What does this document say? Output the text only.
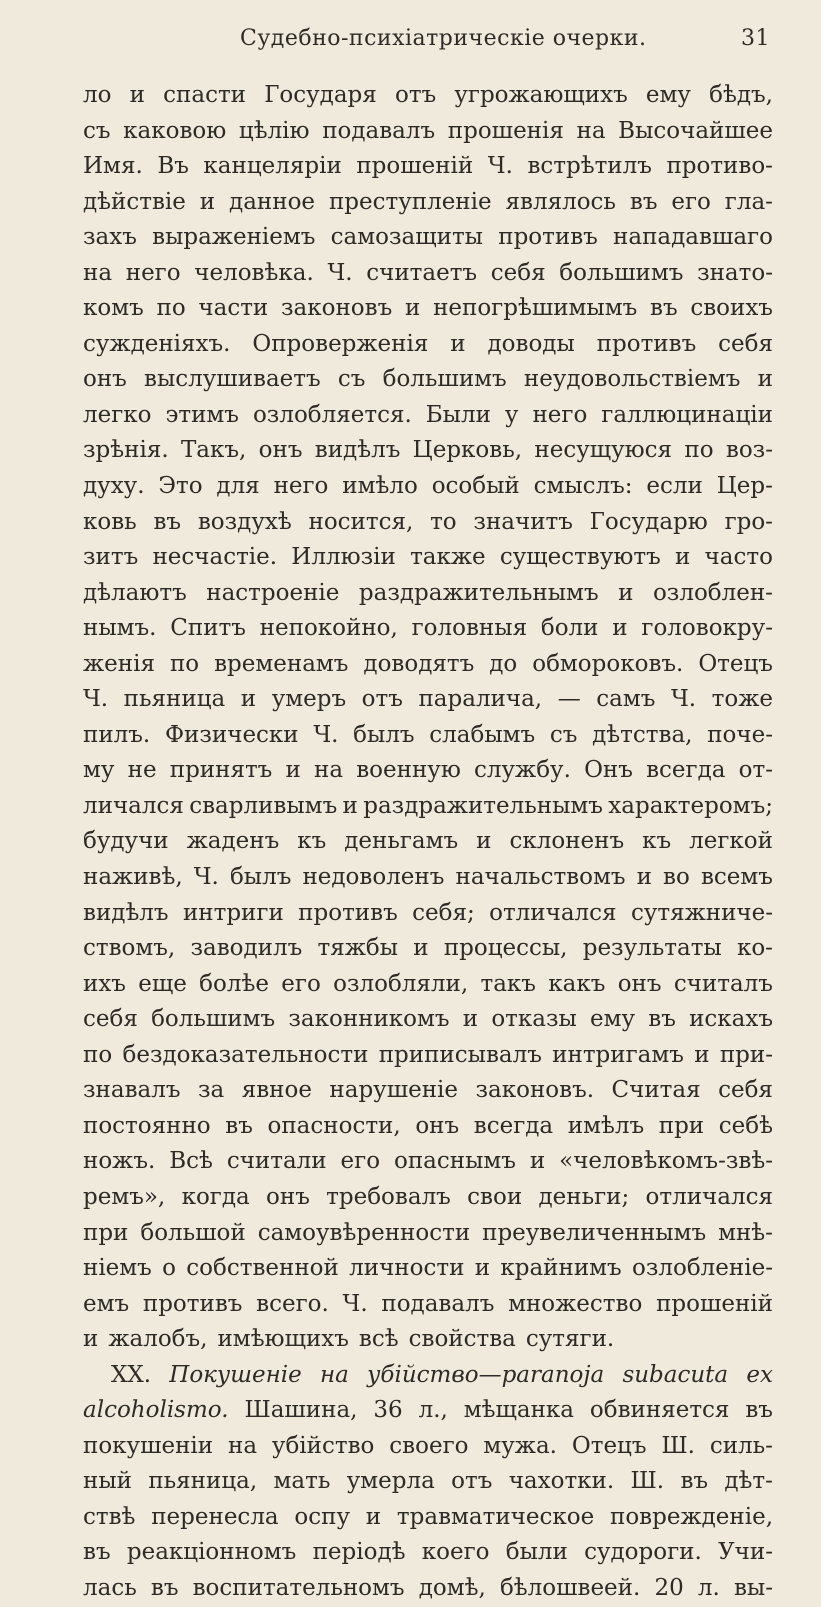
Судебно-психіатрическіе очерки.	31
ло и спасти Государя отъ угрожающихъ ему бѣдъ,
съ каковою цѣлію подавалъ прошенія на Высочайшее
Имя. Въ канцеляріи прошеній Ч. встрѣтилъ противо-
дѣйствіе и данное преступленіе являлось въ его гла-
захъ выраженіемъ самозащиты противъ нападавшаго
на него человѣка. Ч. считаетъ себя большимъ знато-
комъ по части законовъ и непогрѣшимымъ въ своихъ
сужденіяхъ. Опроверженія и доводы противъ себя
онъ выслушиваетъ съ большимъ неудовольствіемъ и
легко этимъ озлобляется. Были у него галлюцинаціи
зрѣнія. Такъ, онъ видѣлъ Церковь, несущуюся по воз-
духу. Это для него имѣло особый смыслъ: если Цер-
ковь въ воздухѣ носится, то значитъ Государю гро-
зитъ несчастіе. Иллюзіи также существуютъ и часто
дѣлаютъ настроеніе раздражительнымъ и озлоблен-
нымъ. Спитъ непокойно, головныя боли и головокру-
женія по временамъ доводятъ до обмороковъ. Отецъ
Ч. пьяница и умеръ отъ паралича, — самъ Ч. тоже
пилъ. Физически Ч. былъ слабымъ съ дѣтства, поче-
му не принятъ и на военную службу. Онъ всегда от-
личался сварливымъ и раздражительнымъ характеромъ;
будучи жаденъ къ деньгамъ и склоненъ къ легкой
наживѣ, Ч. былъ недоволенъ начальствомъ и во всемъ
видѣлъ интриги противъ себя; отличался сутяжниче-
ствомъ, заводилъ тяжбы и процессы, результаты ко-
ихъ еще болѣе его озлобляли, такъ какъ онъ считалъ
себя большимъ законникомъ и отказы ему въ искахъ
по бездоказательности приписывалъ интригамъ и при-
знавалъ за явное нарушеніе законовъ. Считая себя
постоянно въ опасности, онъ всегда имѣлъ при себѣ
ножъ. Всѣ считали его опаснымъ и «человѣкомъ-звѣ-
ремъ», когда онъ требовалъ свои деньги; отличался
при большой самоувѣренности преувеличеннымъ мнѣ-
ніемъ о собственной личности и крайнимъ озлобленіе-
емъ противъ всего. Ч. подавалъ множество прошеній
и жалобъ, имѣющихъ всѣ свойства сутяги.
XX. Покушеніе на убійство—paranoja subacuta ex
alcoholismo. Шашина, 36 л., мѣщанка обвиняется въ
покушеніи на убійство своего мужа. Отецъ Ш. силь-
ный пьяница, мать умерла отъ чахотки. Ш. въ дѣт-
ствѣ перенесла оспу и травматическое поврежденіе,
въ реакціонномъ періодѣ коего были судороги. Учи-
лась въ воспитательномъ домѣ, бѣлошвеей. 20 л. вы-
